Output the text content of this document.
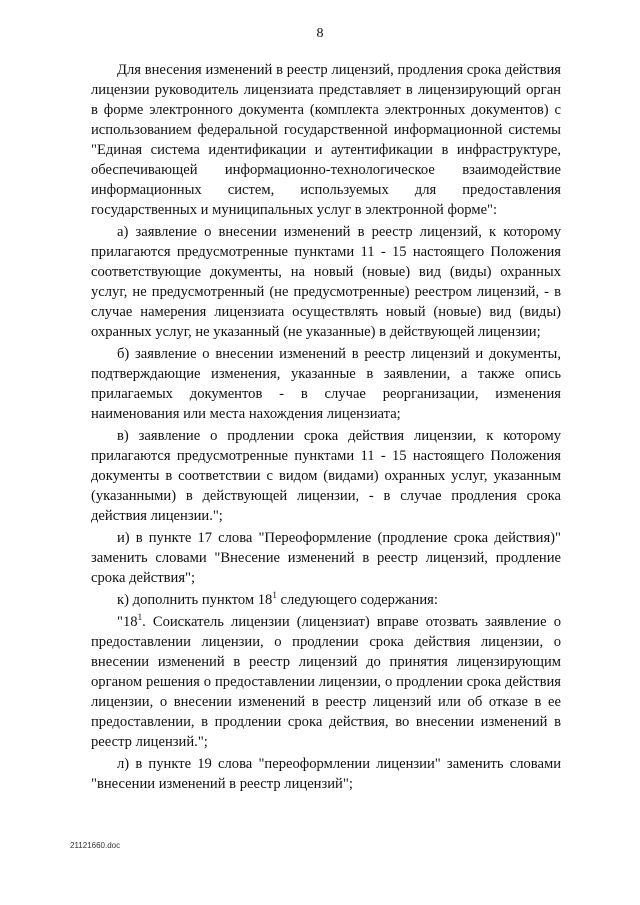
8

Для внесения изменений в реестр лицензий, продления срока действия лицензии руководитель лицензиата представляет в лицензирующий орган в форме электронного документа (комплекта электронных документов) с использованием федеральной государственной информационной системы "Единая система идентификации и аутентификации в инфраструктуре, обеспечивающей информационно-технологическое взаимодействие информационных систем, используемых для предоставления государственных и муниципальных услуг в электронной форме":

а) заявление о внесении изменений в реестр лицензий, к которому прилагаются предусмотренные пунктами 11 - 15 настоящего Положения соответствующие документы, на новый (новые) вид (виды) охранных услуг, не предусмотренный (не предусмотренные) реестром лицензий, - в случае намерения лицензиата осуществлять новый (новые) вид (виды) охранных услуг, не указанный (не указанные) в действующей лицензии;

б) заявление о внесении изменений в реестр лицензий и документы, подтверждающие изменения, указанные в заявлении, а также опись прилагаемых документов - в случае реорганизации, изменения наименования или места нахождения лицензиата;

в) заявление о продлении срока действия лицензии, к которому прилагаются предусмотренные пунктами 11 - 15 настоящего Положения документы в соответствии с видом (видами) охранных услуг, указанным (указанными) в действующей лицензии, - в случае продления срока действия лицензии.";

и) в пункте 17 слова "Переоформление (продление срока действия)" заменить словами "Внесение изменений в реестр лицензий, продление срока действия";

к) дополнить пунктом $18^1$ следующего содержания:

"$18^1$. Соискатель лицензии (лицензиат) вправе отозвать заявление о предоставлении лицензии, о продлении срока действия лицензии, о внесении изменений в реестр лицензий до принятия лицензирующим органом решения о предоставлении лицензии, о продлении срока действия лицензии, о внесении изменений в реестр лицензий или об отказе в ее предоставлении, в продлении срока действия, во внесении изменений в реестр лицензий.";

л) в пункте 19 слова "переоформлении лицензии" заменить словами "внесении изменений в реестр лицензий";

21121660.doc
